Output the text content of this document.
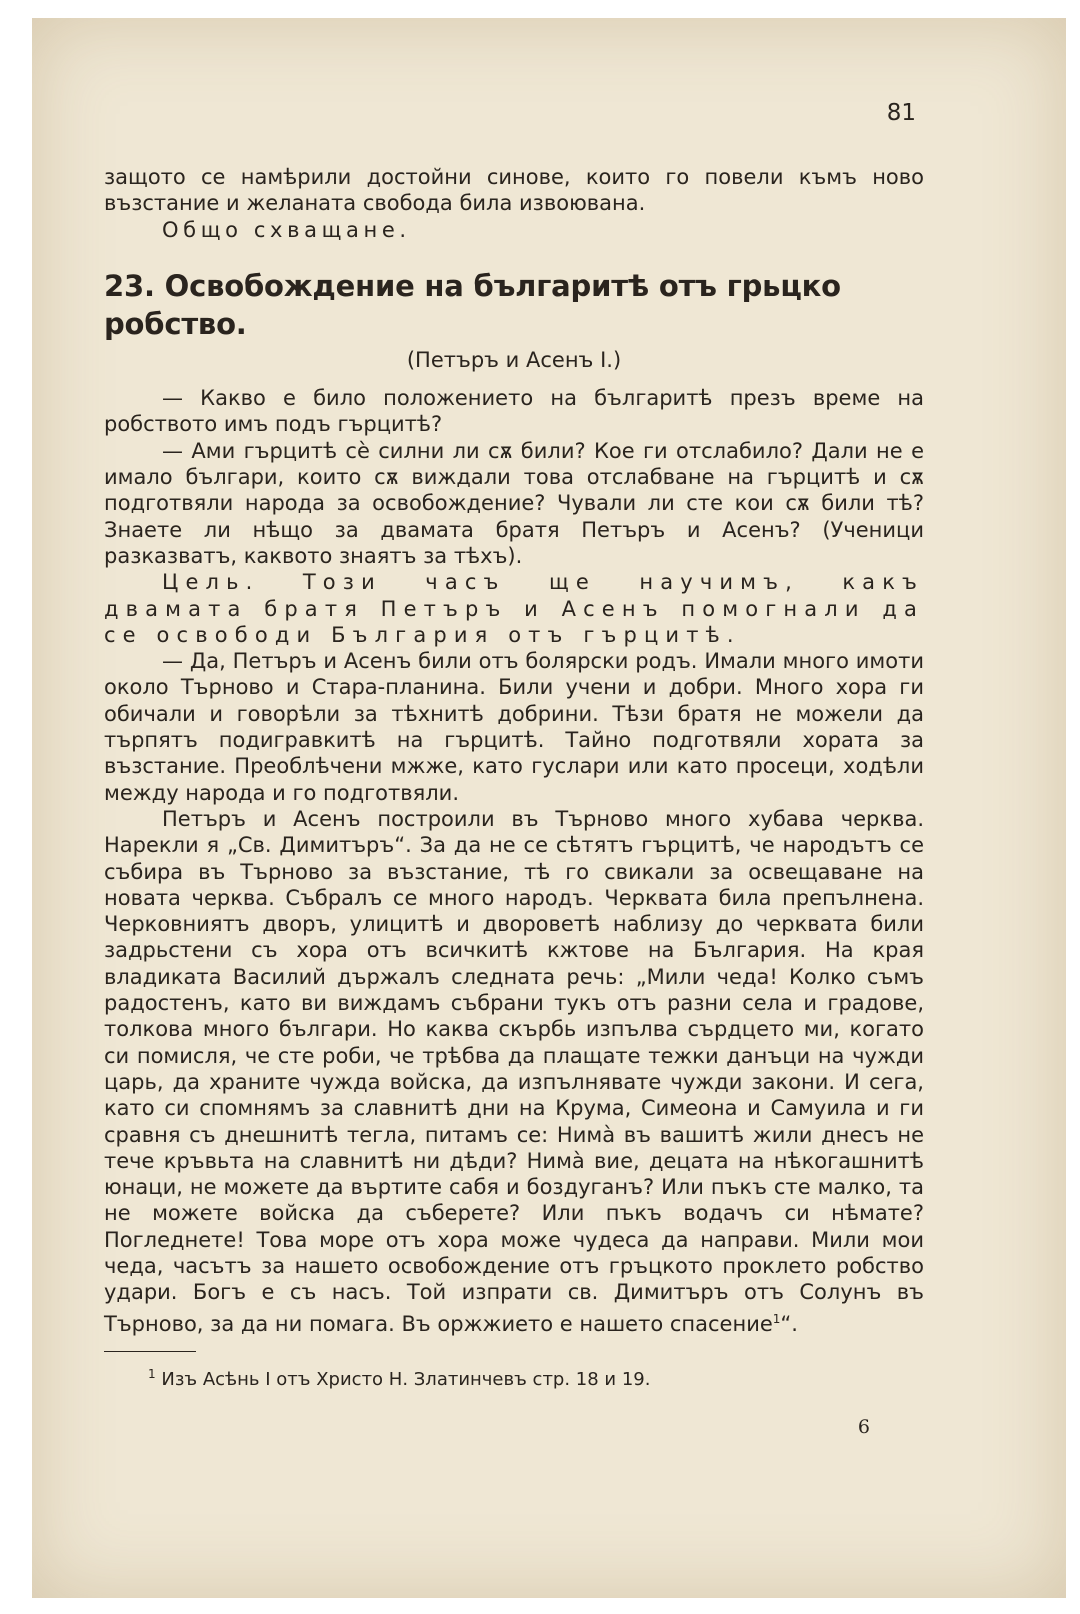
81

защото се намѣрили достойни синове, които го повели къмъ ново възстание и желаната свобода била извоювана.

Общо схващане.

23. Освобождение на българитѣ отъ грьцко робство.
(Петъръ и Асенъ I.)

— Какво е било положението на българитѣ презъ време на робството имъ подъ гърцитѣ?

— Ами гърцитѣ сѐ силни ли сѫ били? Кое ги отслабило? Дали не е имало българи, които сѫ виждали това отслабване на гърцитѣ и сѫ подготвяли народа за освобождение? Чували ли сте кои сѫ били тѣ? Знаете ли нѣщо за двамата братя Петъръ и Асенъ? (Ученици разказватъ, каквото знаятъ за тѣхъ).

Цель. Този часъ ще научимъ, какъ двамата братя Петъръ и Асенъ помогнали да се освободи България отъ гърцитѣ.

— Да, Петъръ и Асенъ били отъ болярски родъ. Имали много имоти около Търново и Стара-планина. Били учени и добри. Много хора ги обичали и говорѣли за тѣхнитѣ добрини. Тѣзи братя не можели да търпятъ подигравкитѣ на гърцитѣ. Тайно подготвяли хората за възстание. Преоблѣчени мжже, като гуслари или като просеци, ходѣли между народа и го подготвяли.

Петъръ и Асенъ построили въ Търново много хубава черква. Нарекли я „Св. Димитъръ“. За да не се сѣтятъ гърцитѣ, че народътъ се събира въ Търново за възстание, тѣ го свикали за освещаване на новата черква. Събралъ се много народъ. Черквата била препълнена. Черковниятъ дворъ, улицитѣ и дворовeтѣ наблизу до черквата били задрьстени съ хора отъ всичкитѣ кжтове на България. На края владиката Василий държалъ следната речь: „Мили чеда! Колко съмъ радостенъ, като ви виждамъ събрани тукъ отъ разни села и градове, толкова много българи. Но каква скърбь изпълва сърдцето ми, когато си помисля, че сте роби, че трѣбва да плащате тежки данъци на чужди царь, да храните чужда войска, да изпълнявате чужди закони. И сега, като си спомнямъ за славнитѣ дни на Крума, Симеона и Самуила и ги сравня съ днешнитѣ тегла, питамъ се: Нимà въ вашитѣ жили днесъ не тече кръвьта на славнитѣ ни дѣди? Нимà вие, децата на нѣкогашнитѣ юнаци, не можете да въртите сабя и боздуганъ? Или пъкъ сте малко, та не можете войска да съберете? Или пъкъ водачъ си нѣмате? Погледнете! Това море отъ хора може чудеса да направи. Мили мои чеда, часътъ за нашето освобождение отъ гръцкото проклето робство удари. Богъ е съ насъ. Той изпрати св. Димитъръ отъ Солунъ въ Търново, за да ни помага. Въ оржжието е нашето спасение$^1$“.

$^1$ Изъ Асѣнь I отъ Христо Н. Златинчевъ стр. 18 и 19.
6
